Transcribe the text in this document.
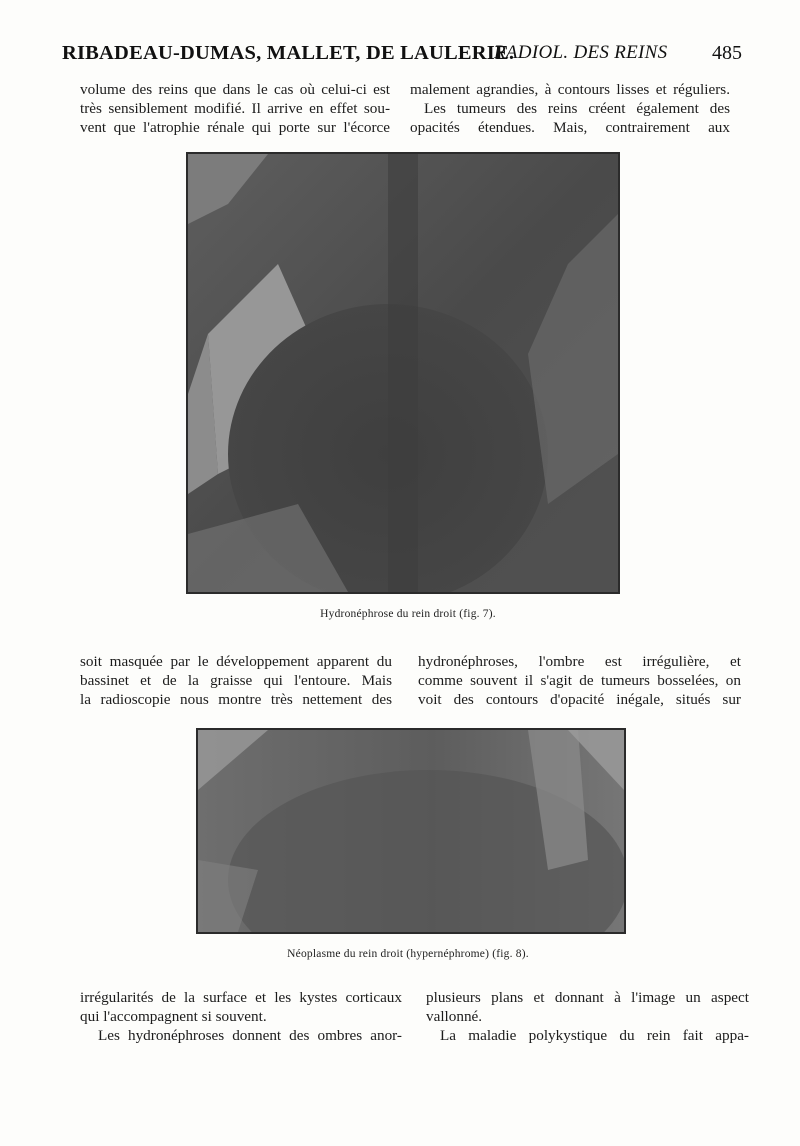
RIBADEAU-DUMAS, MALLET, DE LAULERIE.
RADIOL. DES REINS 485
volume des reins que dans le cas où celui-ci est
très sensiblement modifié. Il arrive en effet sou-
vent que l'atrophie rénale qui porte sur l'écorce
malement agrandies, à contours lisses et réguliers.
Les tumeurs des reins créent également des
opacités étendues. Mais, contrairement aux
Hydronéphrose du rein droit (fig. 7).
soit masquée par le développement apparent du
bassinet et de la graisse qui l'entoure. Mais
la radioscopie nous montre très nettement des
hydronéphroses, l'ombre est irrégulière, et
comme souvent il s'agit de tumeurs bosselées, on
voit des contours d'opacité inégale, situés sur
Néoplasme du rein droit (hypernéphrome) (fig. 8).
irrégularités de la surface et les kystes corticaux
qui l'accompagnent si souvent.
Les hydronéphroses donnent des ombres anor-
plusieurs plans et donnant à l'image un aspect
vallonné.
La maladie polykystique du rein fait appa-
